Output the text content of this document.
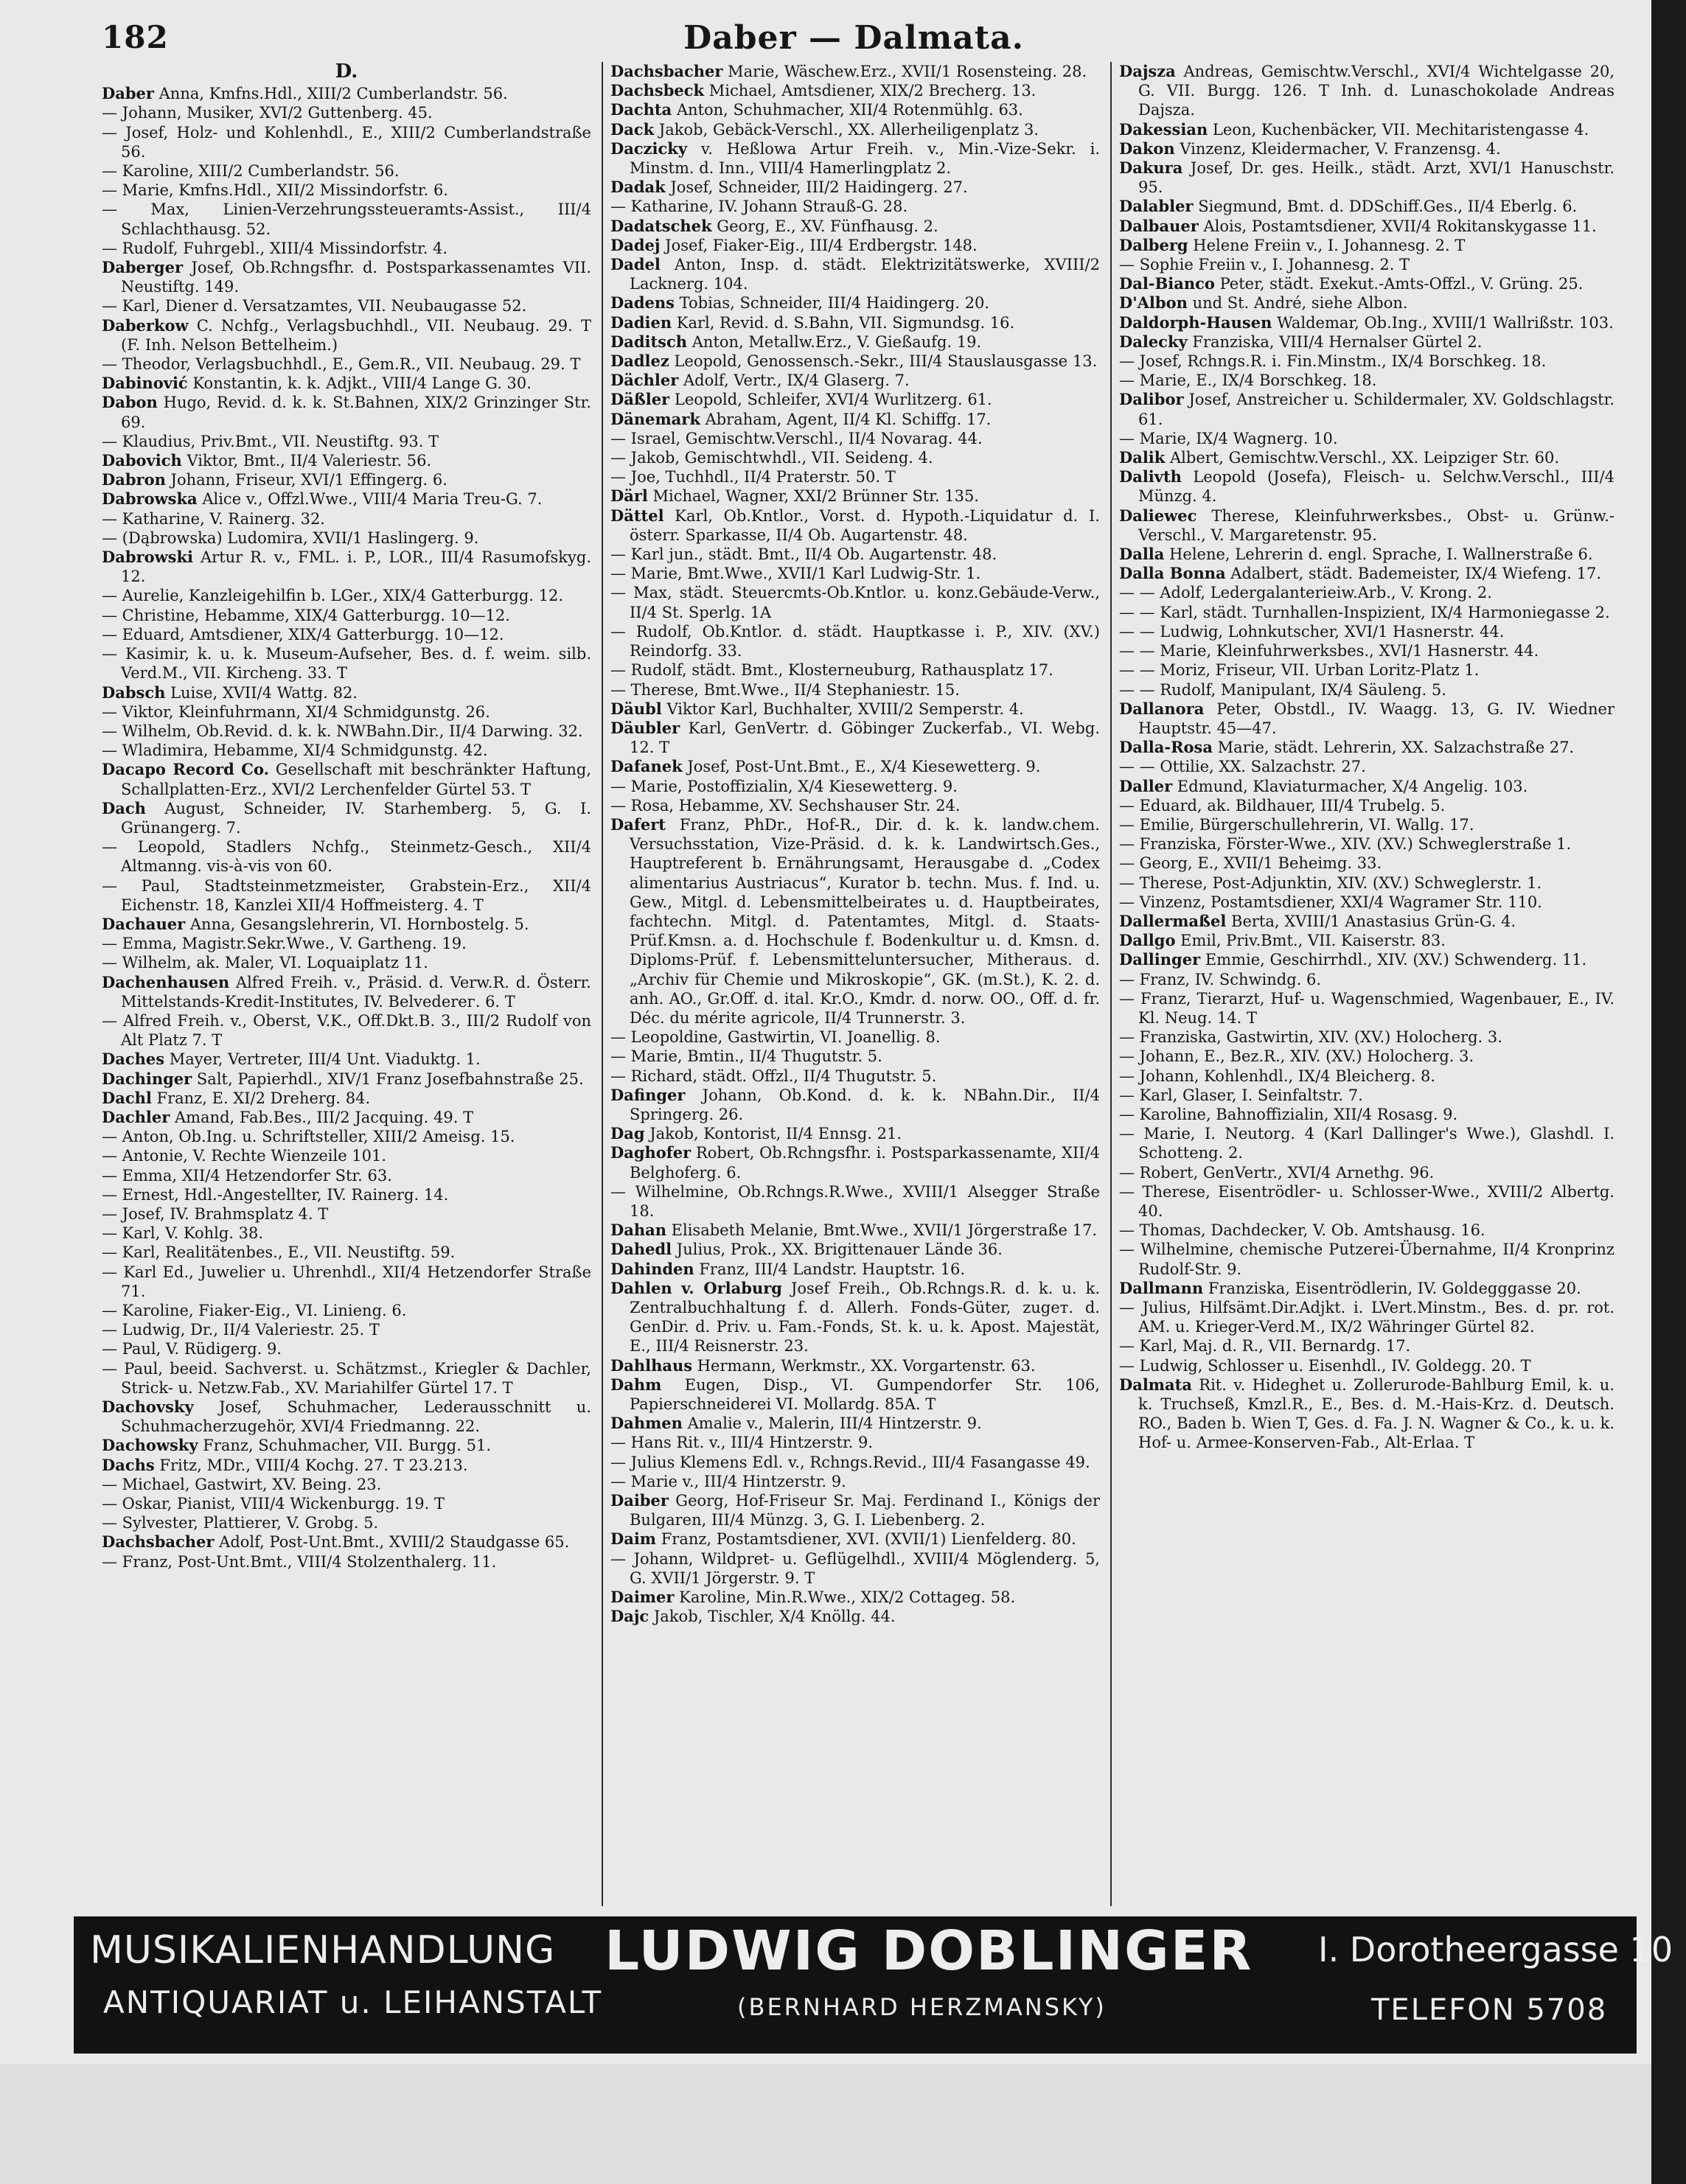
182	Daber — Dalmata.
D.

Daber Anna, Kmfns.Hdl., XIII/2 Cumberlandstr. 56.

— Johann, Musiker, XVI/2 Guttenberg. 45.

— Josef, Holz- und Kohlenhdl., E., XIII/2 Cumberlandstraße 56.

— Karoline, XIII/2 Cumberlandstr. 56.

— Marie, Kmfns.Hdl., XII/2 Missindorfstr. 6.

— Max, Linien-Verzehrungssteueramts-Assist., III/4 Schlachthausg. 52.

— Rudolf, Fuhrgebl., XIII/4 Missindorfstr. 4.

Daberger Josef, Ob.Rchngsfhr. d. Postsparkassenamtes VII. Neustiftg. 149.

— Karl, Diener d. Versatzamtes, VII. Neubaugasse 52.

Daberkow C. Nchfg., Verlagsbuchhdl., VII. Neubaug. 29. T (F. Inh. Nelson Bettelheim.)

— Theodor, Verlagsbuchhdl., E., Gem.R., VII. Neubaug. 29. T

Dabinović Konstantin, k. k. Adjkt., VIII/4 Lange G. 30.

Dabon Hugo, Revid. d. k. k. St.Bahnen, XIX/2 Grinzinger Str. 69.

— Klaudius, Priv.Bmt., VII. Neustiftg. 93. T

Dabovich Viktor, Bmt., II/4 Valeriestr. 56.

Dabron Johann, Friseur, XVI/1 Effingerg. 6.

Dabrowska Alice v., Offzl.Wwe., VIII/4 Maria Treu-G. 7.

— Katharine, V. Rainerg. 32.

— (Dąbrowska) Ludomira, XVII/1 Haslingerg. 9.

Dabrowski Artur R. v., FML. i. P., LOR., III/4 Rasumofskyg. 12.

— Aurelie, Kanzleigehilfin b. LGer., XIX/4 Gatterburgg. 12.

— Christine, Hebamme, XIX/4 Gatterburgg. 10—12.

— Eduard, Amtsdiener, XIX/4 Gatterburgg. 10—12.

— Kasimir, k. u. k. Museum-Aufseher, Bes. d. f. weim. silb. Verd.M., VII. Kircheng. 33. T

Dabsch Luise, XVII/4 Wattg. 82.

— Viktor, Kleinfuhrmann, XI/4 Schmidgunstg. 26.

— Wilhelm, Ob.Revid. d. k. k. NWBahn.Dir., II/4 Darwing. 32.

— Wladimira, Hebamme, XI/4 Schmidgunstg. 42.

Dacapo Record Co. Gesellschaft mit beschränkter Haftung, Schallplatten-Erz., XVI/2 Lerchenfelder Gürtel 53. T

Dach August, Schneider, IV. Starhemberg. 5, G. I. Grünangerg. 7.

— Leopold, Stadlers Nchfg., Steinmetz-Gesch., XII/4 Altmanng. vis-à-vis von 60.

— Paul, Stadtsteinmetzmeister, Grabstein-Erz., XII/4 Eichenstr. 18, Kanzlei XII/4 Hoffmeisterg. 4. T

Dachauer Anna, Gesangslehrerin, VI. Hornbostelg. 5.

— Emma, Magistr.Sekr.Wwe., V. Gartheng. 19.

— Wilhelm, ak. Maler, VI. Loquaiplatz 11.

Dachenhausen Alfred Freih. v., Präsid. d. Verw.R. d. Österr. Mittelstands-Kredit-Institutes, IV. Belvederег. 6. T

— Alfred Freih. v., Oberst, V.K., Off.Dkt.B. 3., III/2 Rudolf von Alt Platz 7. T

Daches Mayer, Vertreter, III/4 Unt. Viaduktg. 1.

Dachinger Salt, Papierhdl., XIV/1 Franz Josefbahnstraße 25.

Dachl Franz, E. XI/2 Dreherg. 84.

Dachler Amand, Fab.Bes., III/2 Jacquing. 49. T

— Anton, Ob.Ing. u. Schriftsteller, XIII/2 Ameisg. 15.

— Antonie, V. Rechte Wienzeile 101.

— Emma, XII/4 Hetzendorfer Str. 63.

— Ernest, Hdl.-Angestellter, IV. Rainerg. 14.

— Josef, IV. Brahmsplatz 4. T

— Karl, V. Kohlg. 38.

— Karl, Realitätenbes., E., VII. Neustiftg. 59.

— Karl Ed., Juwelier u. Uhrenhdl., XII/4 Hetzendorfer Straße 71.

— Karoline, Fiaker-Eig., VI. Linieng. 6.

— Ludwig, Dr., II/4 Valeriestr. 25. T

— Paul, V. Rüdigerg. 9.

— Paul, beeid. Sachverst. u. Schätzmst., Kriegler & Dachler, Strick- u. Netzw.Fab., XV. Mariahilfer Gürtel 17. T

Dachovsky Josef, Schuhmacher, Lederausschnitt u. Schuhmacherzugehör, XVI/4 Friedmanng. 22.

Dachowsky Franz, Schuhmacher, VII. Burgg. 51.

Dachs Fritz, MDr., VIII/4 Kochg. 27. T 23.213.

— Michael, Gastwirt, XV. Being. 23.

— Oskar, Pianist, VIII/4 Wickenburgg. 19. T

— Sylvester, Plattierer, V. Grobg. 5.

Dachsbacher Adolf, Post-Unt.Bmt., XVIII/2 Staudgasse 65.

— Franz, Post-Unt.Bmt., VIII/4 Stolzenthalerg. 11.

Dachsbacher Marie, Wäschew.Erz., XVII/1 Rosensteing. 28.

Dachsbeck Michael, Amtsdiener, XIX/2 Brecherg. 13.

Dachta Anton, Schuhmacher, XII/4 Rotenmühlg. 63.

Dack Jakob, Gebäck-Verschl., XX. Allerheiligenplatz 3.

Daczicky v. Heßlowa Artur Freih. v., Min.-Vize-Sekr. i. Minstm. d. Inn., VIII/4 Hamerlingplatz 2.

Dadak Josef, Schneider, III/2 Haidingerg. 27.

— Katharine, IV. Johann Strauß-G. 28.

Dadatschek Georg, E., XV. Fünfhausg. 2.

Dadej Josef, Fiaker-Eig., III/4 Erdbergstr. 148.

Dadel Anton, Insp. d. städt. Elektrizitätswerke, XVIII/2 Lacknerg. 104.

Dadens Tobias, Schneider, III/4 Haidingerg. 20.

Dadien Karl, Revid. d. S.Bahn, VII. Sigmundsg. 16.

Daditsch Anton, Metallw.Erz., V. Gießaufg. 19.

Dadlez Leopold, Genossensch.-Sekr., III/4 Stauslausgasse 13.

Dächler Adolf, Vertr., IX/4 Glaserg. 7.

Däßler Leopold, Schleifer, XVI/4 Wurlitzerg. 61.

Dänemark Abraham, Agent, II/4 Kl. Schiffg. 17.

— Israel, Gemischtw.Verschl., II/4 Novarag. 44.

— Jakob, Gemischtwhdl., VII. Seideng. 4.

— Joe, Tuchhdl., II/4 Praterstr. 50. T

Därl Michael, Wagner, XXI/2 Brünner Str. 135.

Dättel Karl, Ob.Kntlor., Vorst. d. Hypoth.-Liquidatur d. I. österr. Sparkasse, II/4 Ob. Augartenstr. 48.

— Karl jun., städt. Bmt., II/4 Ob. Augartenstr. 48.

— Marie, Bmt.Wwe., XVII/1 Karl Ludwig-Str. 1.

— Max, städt. Steuercmts-Ob.Kntlor. u. konz.Gebäude-Verw., II/4 St. Sperlg. 1A

— Rudolf, Ob.Kntlor. d. städt. Hauptkasse i. P., XIV. (XV.) Reindorfg. 33.

— Rudolf, städt. Bmt., Klosterneuburg, Rathausplatz 17.

— Therese, Bmt.Wwe., II/4 Stephaniestr. 15.

Däubl Viktor Karl, Buchhalter, XVIII/2 Semperstr. 4.

Däubler Karl, GenVertr. d. Göbinger Zuckerfab., VI. Webg. 12. T

Dafanek Josef, Post-Unt.Bmt., E., X/4 Kiesewetterg. 9.

— Marie, Postoffizialin, X/4 Kiesewetterg. 9.

— Rosa, Hebamme, XV. Sechshauser Str. 24.

Dafert Franz, PhDr., Hof-R., Dir. d. k. k. landw.chem. Versuchsstation, Vize-Präsid. d. k. k. Landwirtsch.Ges., Hauptreferent b. Ernährungsamt, Herausgabe d. „Codex alimentarius Austriacus“, Kurator b. techn. Mus. f. Ind. u. Gew., Mitgl. d. Lebensmittelbeirates u. d. Hauptbeirates, fachtechn. Mitgl. d. Patentamtes, Mitgl. d. Staats-Prüf.Kmsn. a. d. Hochschule f. Bodenkultur u. d. Kmsn. d. Diploms-Prüf. f. Lebensmitteluntersucher, Mitheraus. d. „Archiv für Chemie und Mikroskopie“, GK. (m.St.), K. 2. d. anh. AO., Gr.Off. d. ital. Kr.O., Kmdr. d. norw. OO., Off. d. fr. Déc. du mérite agricole, II/4 Trunnerstr. 3.

— Leopoldine, Gastwirtin, VI. Joanellig. 8.

— Marie, Bmtin., II/4 Thugutstr. 5.

— Richard, städt. Offzl., II/4 Thugutstr. 5.

Dafinger Johann, Ob.Kond. d. k. k. NBahn.Dir., II/4 Springerg. 26.

Dag Jakob, Kontorist, II/4 Ennsg. 21.

Daghofer Robert, Ob.Rchngsfhr. i. Postsparkassenamte, XII/4 Belghoferg. 6.

— Wilhelmine, Ob.Rchngs.R.Wwe., XVIII/1 Alsegger Straße 18.

Dahan Elisabeth Melanie, Bmt.Wwe., XVII/1 Jörgerstraße 17.

Dahedl Julius, Prok., XX. Brigittenauer Lände 36.

Dahinden Franz, III/4 Landstr. Hauptstr. 16.

Dahlen v. Orlaburg Josef Freih., Ob.Rchngs.R. d. k. u. k. Zentralbuchhaltung f. d. Allerh. Fonds-Güter, zugeт. d. GenDir. d. Priv. u. Fam.-Fonds, St. k. u. k. Apost. Majestät, E., III/4 Reisnerstr. 23.

Dahlhaus Hermann, Werkmstr., XX. Vorgartenstr. 63.

Dahm Eugen, Disp., VI. Gumpendorfer Str. 106, Papierschneiderei VI. Mollardg. 85A. T

Dahmen Amalie v., Malerin, III/4 Hintzerstr. 9.

— Hans Rit. v., III/4 Hintzerstr. 9.

— Julius Klemens Edl. v., Rchngs.Revid., III/4 Fasangasse 49.

— Marie v., III/4 Hintzerstr. 9.

Daiber Georg, Hof-Friseur Sr. Maj. Ferdinand I., Königs der Bulgaren, III/4 Münzg. 3, G. I. Liebenberg. 2.

Daim Franz, Postamtsdiener, XVI. (XVII/1) Lienfelderg. 80.

— Johann, Wildpret- u. Geflügelhdl., XVIII/4 Möglenderg. 5, G. XVII/1 Jörgerstr. 9. T

Daimer Karoline, Min.R.Wwe., XIX/2 Cottageg. 58.

Dajc Jakob, Tischler, X/4 Knöllg. 44.

Dajsza Andreas, Gemischtw.Verschl., XVI/4 Wichtelgasse 20, G. VII. Burgg. 126. T Inh. d. Lunaschokolade Andreas Dajsza.

Dakessian Leon, Kuchenbäcker, VII. Mechitaristengasse 4.

Dakon Vinzenz, Kleidermacher, V. Franzensg. 4.

Dakura Josef, Dr. ges. Heilk., städt. Arzt, XVI/1 Hanuschstr. 95.

Dalabler Siegmund, Bmt. d. DDSchiff.Ges., II/4 Eberlg. 6.

Dalbauer Alois, Postamtsdiener, XVII/4 Rokitanskygasse 11.

Dalberg Helene Freiin v., I. Johannesg. 2. T

— Sophie Freiin v., I. Johannesg. 2. T

Dal-Bianco Peter, städt. Exekut.-Amts-Offzl., V. Grüng. 25.

D'Albon und St. André, siehe Albon.

Daldorph-Hausen Waldemar, Ob.Ing., XVIII/1 Wallrißstr. 103.

Dalecky Franziska, VIII/4 Hernalser Gürtel 2.

— Josef, Rchngs.R. i. Fin.Minstm., IX/4 Borschkeg. 18.

— Marie, E., IX/4 Borschkeg. 18.

Dalibor Josef, Anstreicher u. Schildermaler, XV. Goldschlagstr. 61.

— Marie, IX/4 Wagnerg. 10.

Dalik Albert, Gemischtw.Verschl., XX. Leipziger Str. 60.

Dalivth Leopold (Josefa), Fleisch- u. Selchw.Verschl., III/4 Münzg. 4.

Daliewec Therese, Kleinfuhrwerksbes., Obst- u. Grünw.-Verschl., V. Margaretenstr. 95.

Dalla Helene, Lehrerin d. engl. Sprache, I. Wallnerstraße 6.

Dalla Bonna Adalbert, städt. Bademeister, IX/4 Wiefeng. 17.

— — Adolf, Ledergalanterieiw.Arb., V. Krong. 2.

— — Karl, städt. Turnhallen-Inspizient, IX/4 Harmoniegasse 2.

— — Ludwig, Lohnkutscher, XVI/1 Hasnerstr. 44.

— — Marie, Kleinfuhrwerksbes., XVI/1 Hasnerstr. 44.

— — Moriz, Friseur, VII. Urban Loritz-Platz 1.

— — Rudolf, Manipulant, IX/4 Säuleng. 5.

Dallanora Peter, Obstdl., IV. Waagg. 13, G. IV. Wiedner Hauptstr. 45—47.

Dalla-Rosa Marie, städt. Lehrerin, XX. Salzachstraße 27.

— — Ottilie, XX. Salzachstr. 27.

Daller Edmund, Klaviaturmacher, X/4 Angelig. 103.

— Eduard, ak. Bildhauer, III/4 Trubelg. 5.

— Emilie, Bürgerschullehrerin, VI. Wallg. 17.

— Franziska, Förster-Wwe., XIV. (XV.) Schweglerstraße 1.

— Georg, E., XVII/1 Beheimg. 33.

— Therese, Post-Adjunktin, XIV. (XV.) Schweglerstr. 1.

— Vinzenz, Postamtsdiener, XXI/4 Wagramer Str. 110.

Dallermaßel Berta, XVIII/1 Anastasius Grün-G. 4.

Dallgo Emil, Priv.Bmt., VII. Kaiserstr. 83.

Dallinger Emmie, Geschirrhdl., XIV. (XV.) Schwenderg. 11.

— Franz, IV. Schwindg. 6.

— Franz, Tierarzt, Huf- u. Wagenschmied, Wagenbauer, E., IV. Kl. Neug. 14. T

— Franziska, Gastwirtin, XIV. (XV.) Holocherg. 3.

— Johann, E., Bez.R., XIV. (XV.) Holocherg. 3.

— Johann, Kohlenhdl., IX/4 Bleicherg. 8.

— Karl, Glaser, I. Seinfaltstr. 7.

— Karoline, Bahnoffizialin, XII/4 Rosasg. 9.

— Marie, I. Neutorg. 4 (Karl Dallinger's Wwe.), Glashdl. I. Schotteng. 2.

— Robert, GenVertr., XVI/4 Arnethg. 96.

— Therese, Eisentrödler- u. Schlosser-Wwe., XVIII/2 Albertg. 40.

— Thomas, Dachdecker, V. Ob. Amtshausg. 16.

— Wilhelmine, chemische Putzerei-Übernahme, II/4 Kronprinz Rudolf-Str. 9.

Dallmann Franziska, Eisentrödlerin, IV. Goldegggasse 20.

— Julius, Hilfsämt.Dir.Adjkt. i. LVert.Minstm., Bes. d. pr. rot. AM. u. Krieger-Verd.M., IX/2 Währinger Gürtel 82.

— Karl, Maj. d. R., VII. Bernardg. 17.

— Ludwig, Schlosser u. Eisenhdl., IV. Goldegg. 20. T

Dalmata Rit. v. Hideghet u. Zollerurode-Bahlburg Emil, k. u. k. Truchseß, Kmzl.R., E., Bes. d. M.-Hais-Krz. d. Deutsch. RO., Baden b. Wien T, Ges. d. Fa. J. N. Wagner & Co., k. u. k. Hof- u. Armee-Konserven-Fab., Alt-Erlaa. T

MUSIKALIENHANDLUNG LUDWIG DOBLINGER I. Dorotheergasse 10
ANTIQUARIAT u. LEIHANSTALT	(BERNHARD HERZMANSKY)	TELEFON 5708
